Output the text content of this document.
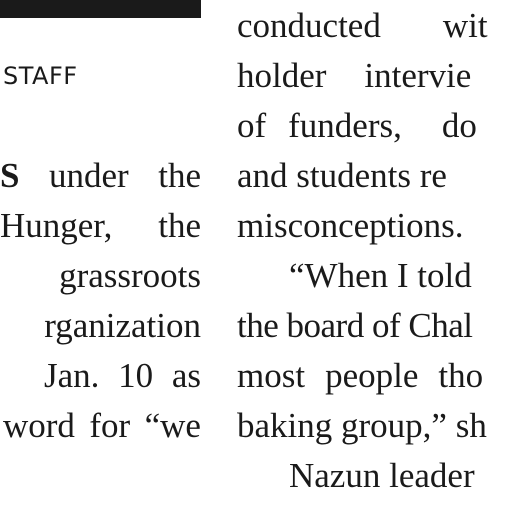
STAFF
S under the
Hunger, the
grassroots
rganization
Jan. 10 as
word for “we
conducted wit
holder intervie
of funders, do
and students re
misconceptions.
“When I told
the board of Chal
most people tho
baking group,” sh
Nazun leader
